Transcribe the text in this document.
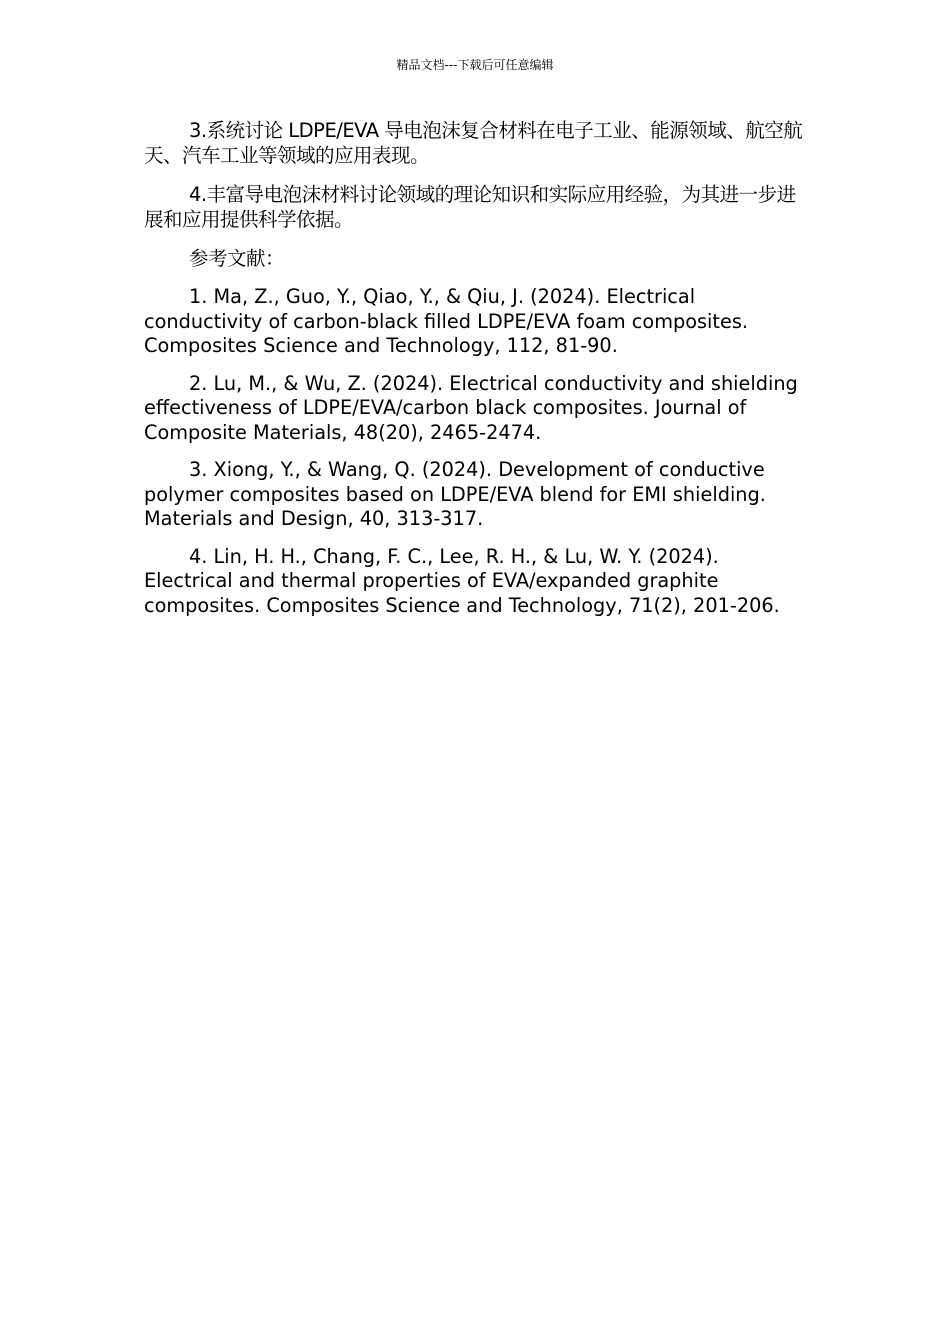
精品文档---下载后可任意编辑

3.系统讨论 LDPE/EVA 导电泡沫复合材料在电子工业、能源领域、航空航天、汽车工业等领域的应用表现。

4.丰富导电泡沫材料讨论领域的理论知识和实际应用经验，为其进一步进展和应用提供科学依据。

参考文献：

1. Ma, Z., Guo, Y., Qiao, Y., & Qiu, J. (2024). Electrical conductivity of carbon-black filled LDPE/EVA foam composites. Composites Science and Technology, 112, 81-90.

2. Lu, M., & Wu, Z. (2024). Electrical conductivity and shielding effectiveness of LDPE/EVA/carbon black composites. Journal of Composite Materials, 48(20), 2465-2474.

3. Xiong, Y., & Wang, Q. (2024). Development of conductive polymer composites based on LDPE/EVA blend for EMI shielding. Materials and Design, 40, 313-317.

4. Lin, H. H., Chang, F. C., Lee, R. H., & Lu, W. Y. (2024). Electrical and thermal properties of EVA/expanded graphite composites. Composites Science and Technology, 71(2), 201-206.
